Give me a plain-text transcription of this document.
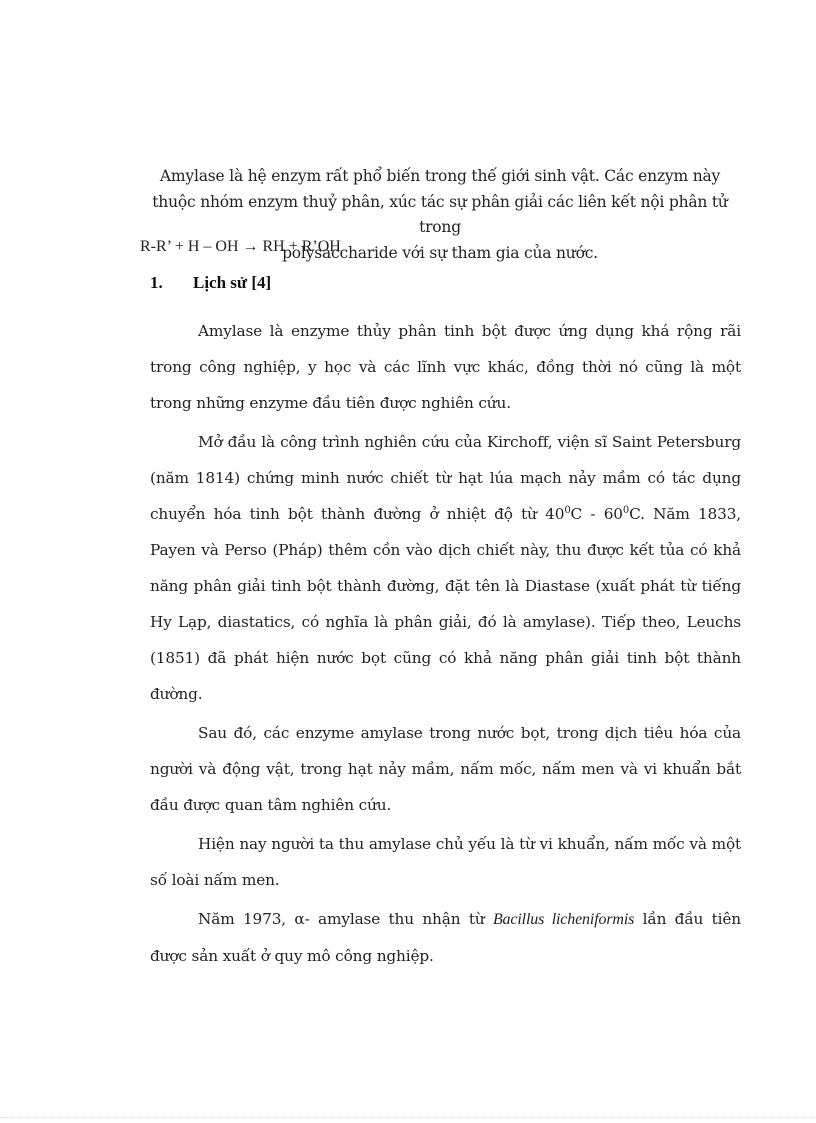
Amylase là hệ enzym rất phổ biến trong thế giới sinh vật. Các enzym này

thuộc nhóm enzym thuỷ phân, xúc tác sự phân giải các liên kết nội phân tử trong

polysaccharide với sự tham gia của nước.

R-R’ + H – OH → RH + R’OH
1. Lịch sử [4]

Amylase là enzyme thủy phân tinh bột được ứng dụng khá rộng rãi trong công nghiệp, y học và các lĩnh vực khác, đồng thời nó cũng là một trong những enzyme đầu tiên được nghiên cứu.

Mở đầu là công trình nghiên cứu của Kirchoff, viện sĩ Saint Petersburg (năm 1814) chứng minh nước chiết từ hạt lúa mạch nảy mầm có tác dụng chuyển hóa tinh bột thành đường ở nhiệt độ từ $40^0C - 60^0C$. Năm 1833, Payen và Perso (Pháp) thêm cồn vào dịch chiết này, thu được kết tủa có khả năng phân giải tinh bột thành đường, đặt tên là Diastase (xuất phát từ tiếng Hy Lạp, diastatics, có nghĩa là phân giải, đó là amylase). Tiếp theo, Leuchs (1851) đã phát hiện nước bọt cũng có khả năng phân giải tinh bột thành đường.

Sau đó, các enzyme amylase trong nước bọt, trong dịch tiêu hóa của người và động vật, trong hạt nảy mầm, nấm mốc, nấm men và vi khuẩn bắt đầu được quan tâm nghiên cứu.

Hiện nay người ta thu amylase chủ yếu là từ vi khuẩn, nấm mốc và một số loài nấm men.

Năm 1973, α- amylase thu nhận từ Bacillus licheniformis lần đầu tiên được sản xuất ở quy mô công nghiệp.
